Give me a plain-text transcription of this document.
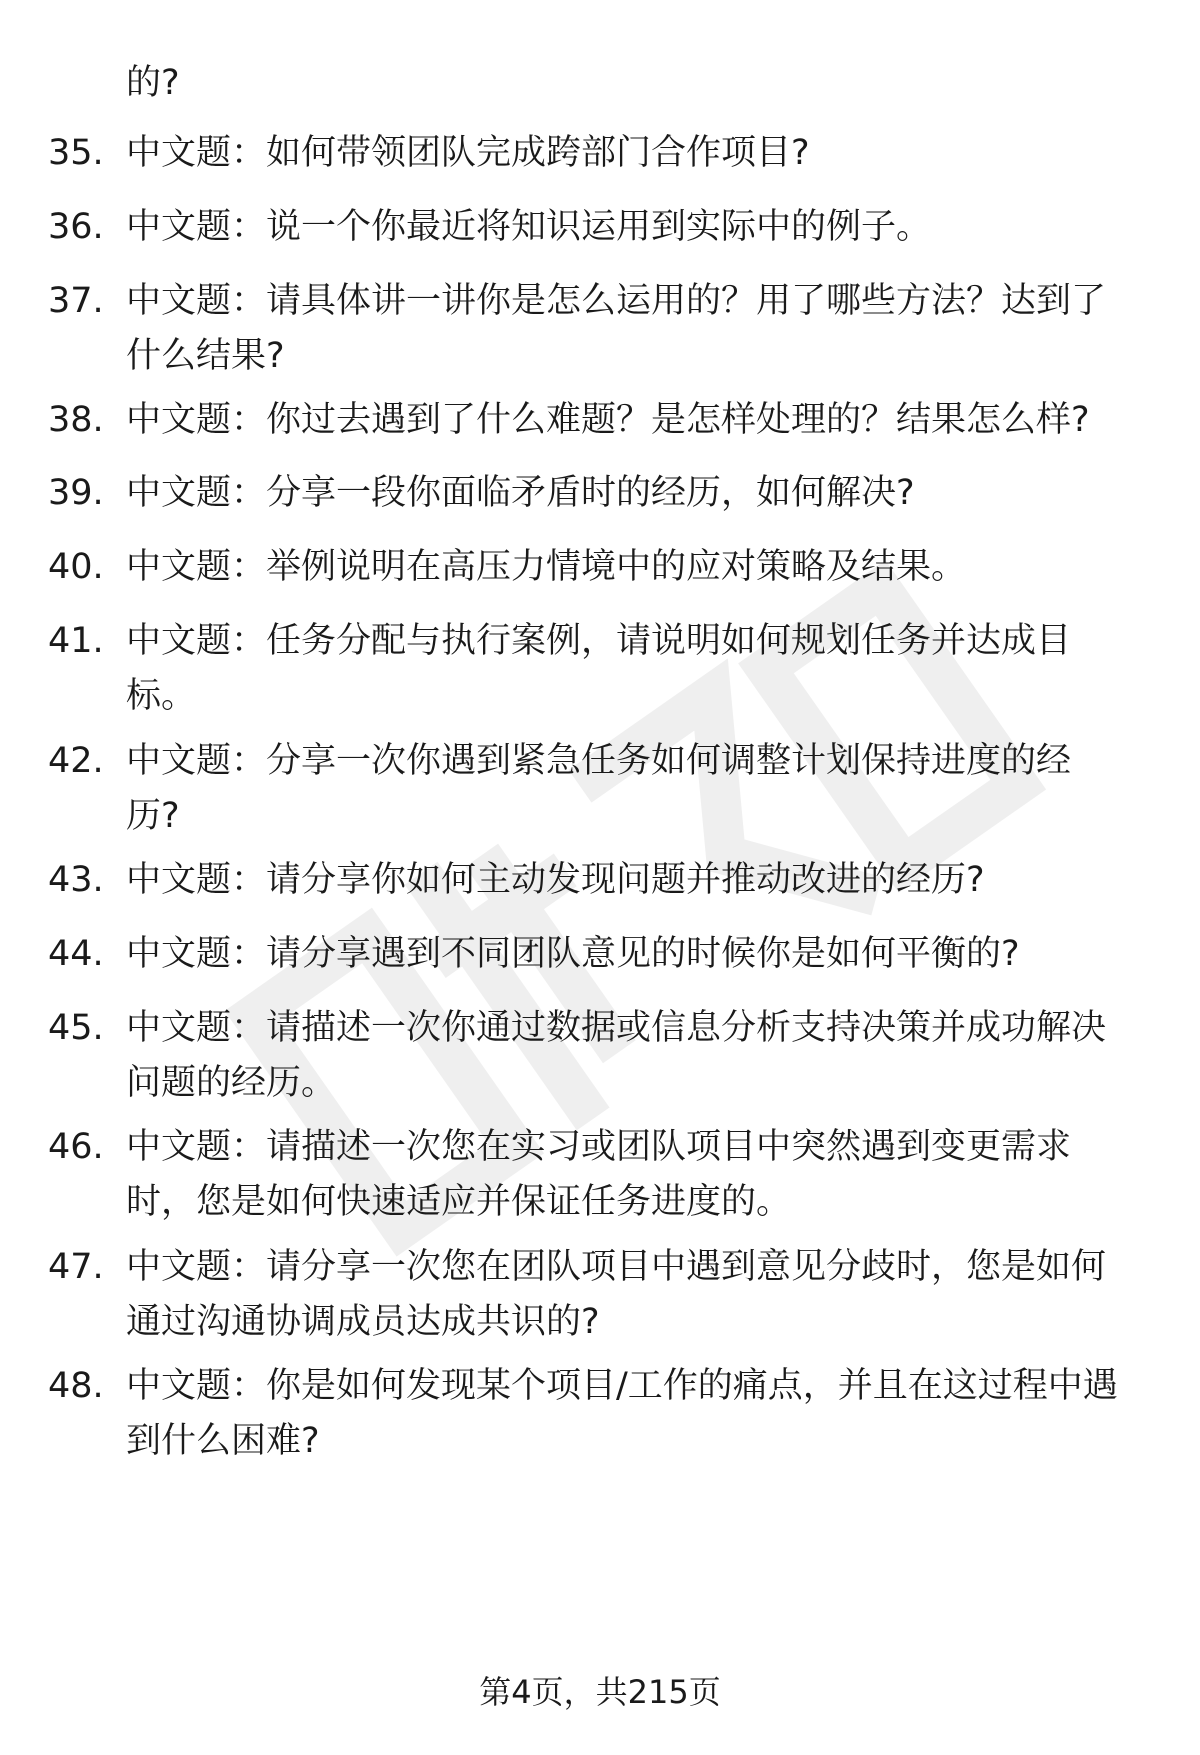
的?
35. 中文题：如何带领团队完成跨部门合作项目?
36. 中文题：说一个你最近将知识运用到实际中的例子。
37. 中文题：请具体讲一讲你是怎么运用的？用了哪些方法？达到了
什么结果?
38. 中文题：你过去遇到了什么难题？是怎样处理的？结果怎么样?
39. 中文题：分享一段你面临矛盾时的经历，如何解决?
40. 中文题：举例说明在高压力情境中的应对策略及结果。
41. 中文题：任务分配与执行案例，请说明如何规划任务并达成目
标。
42. 中文题：分享一次你遇到紧急任务如何调整计划保持进度的经
历?
43. 中文题：请分享你如何主动发现问题并推动改进的经历?
44. 中文题：请分享遇到不同团队意见的时候你是如何平衡的?
45. 中文题：请描述一次你通过数据或信息分析支持决策并成功解决
问题的经历。
46. 中文题：请描述一次您在实习或团队项目中突然遇到变更需求
时，您是如何快速适应并保证任务进度的。
47. 中文题：请分享一次您在团队项目中遇到意见分歧时，您是如何
通过沟通协调成员达成共识的?
48. 中文题：你是如何发现某个项目/工作的痛点，并且在这过程中遇
到什么困难?
第4页，共215页
